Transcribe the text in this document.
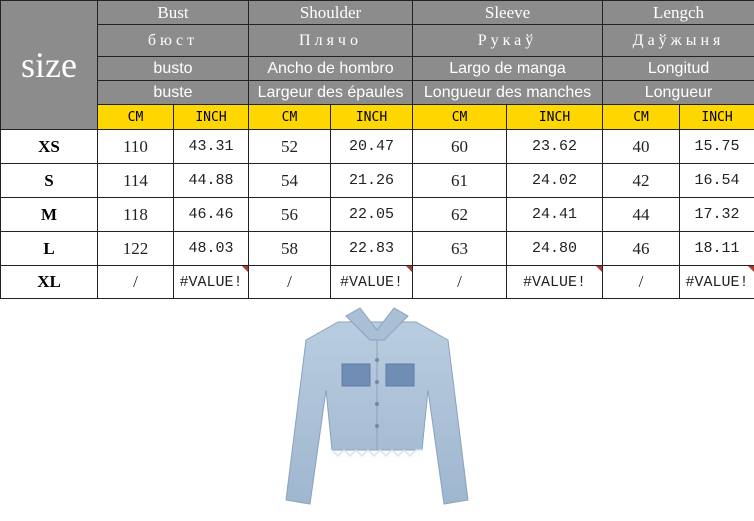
size	Bust		Shoulder		Sleeve		Lengch	
	бюст		Плячо		Рукаў		Даўжыня	
	busto		Ancho de hombro		Largo de manga		Longitud	
	buste		Largeur des épaules		Longueur des manches		Longueur	
	CM	INCH	CM	INCH	CM	INCH	CM	INCH
XS	110	43.31	52	20.47	60	23.62	40	15.75
S	114	44.88	54	21.26	61	24.02	42	16.54
M	118	46.46	56	22.05	62	24.41	44	17.32
L	122	48.03	58	22.83	63	24.80	46	18.11
XL	/	#VALUE!	/	#VALUE!	/	#VALUE!	/	#VALUE!
